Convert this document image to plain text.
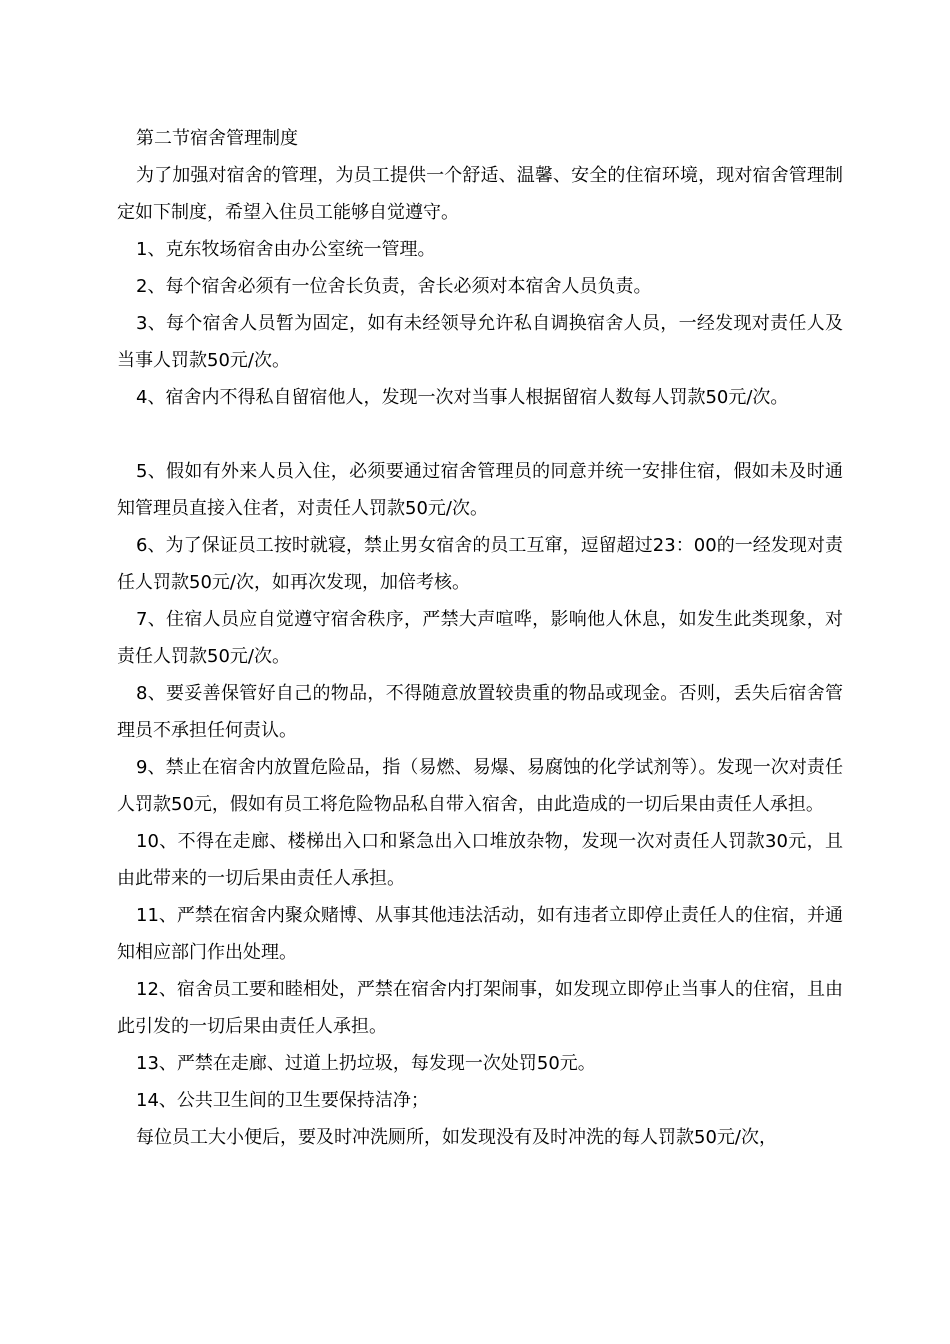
第二节宿舍管理制度

为了加强对宿舍的管理，为员工提供一个舒适、温馨、安全的住宿环境，现对宿舍管理制定如下制度，希望入住员工能够自觉遵守。

1、克东牧场宿舍由办公室统一管理。

2、每个宿舍必须有一位舍长负责，舍长必须对本宿舍人员负责。

3、每个宿舍人员暂为固定，如有未经领导允许私自调换宿舍人员，一经发现对责任人及当事人罚款50元/次。

4、宿舍内不得私自留宿他人，发现一次对当事人根据留宿人数每人罚款50元/次。

5、假如有外来人员入住，必须要通过宿舍管理员的同意并统一安排住宿，假如未及时通知管理员直接入住者，对责任人罚款50元/次。

6、为了保证员工按时就寝，禁止男女宿舍的员工互窜，逗留超过23：00的一经发现对责任人罚款50元/次，如再次发现，加倍考核。

7、住宿人员应自觉遵守宿舍秩序，严禁大声喧哗，影响他人休息，如发生此类现象，对责任人罚款50元/次。

8、要妥善保管好自己的物品，不得随意放置较贵重的物品或现金。否则，丢失后宿舍管理员不承担任何责认。

9、禁止在宿舍内放置危险品，指（易燃、易爆、易腐蚀的化学试剂等）。发现一次对责任人罚款50元，假如有员工将危险物品私自带入宿舍，由此造成的一切后果由责任人承担。

10、不得在走廊、楼梯出入口和紧急出入口堆放杂物，发现一次对责任人罚款30元，且由此带来的一切后果由责任人承担。

11、严禁在宿舍内聚众赌博、从事其他违法活动，如有违者立即停止责任人的住宿，并通知相应部门作出处理。

12、宿舍员工要和睦相处，严禁在宿舍内打架闹事，如发现立即停止当事人的住宿，且由此引发的一切后果由责任人承担。

13、严禁在走廊、过道上扔垃圾，每发现一次处罚50元。

14、公共卫生间的卫生要保持洁净；

每位员工大小便后，要及时冲洗厕所，如发现没有及时冲洗的每人罚款50元/次，
